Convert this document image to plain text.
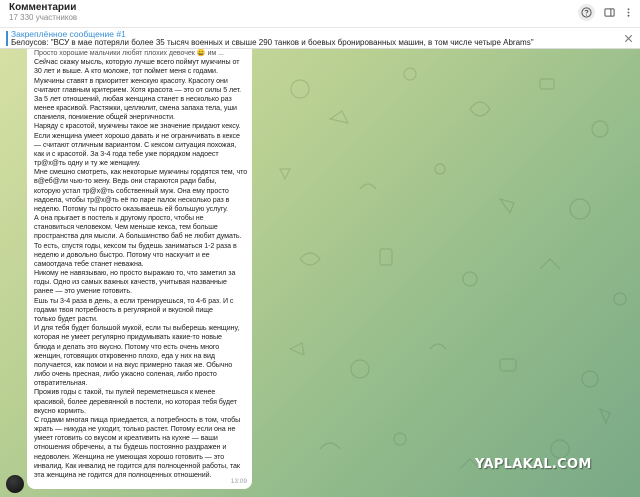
Комментарии
17 330 участников
Закреплённое сообщение #1
Белоусов: "ВСУ в мае потеряли более 35 тысяч военных и свыше 290 танков и боевых бронированных машин, в том числе четыре Abrams"
Просто хорошие мальчики любят плохих девочек 😄 им ...
Сейчас скажу мысль, которую лучше всего поймут мужчины от
30 лет и выше. А кто моложе, тот поймет меня с годами.
Мужчины ставят в приоритет женскую красоту. Красоту они
считают главным критерием. Хотя красота — это от силы 5 лет.
За 5 лет отношений, любая женщина станет в несколько раз
менее красивой. Растяжки, целлюлит, смена запаха тела, уши
спаниеля, понижение общей энергичности.
Наряду с красотой, мужчины такое же значение придают кексу.
Если женщина умеет хорошо давать и не ограничивать в кексе
— считают отличным вариантом. С кексом ситуация похожая,
как и с красотой. За 3-4 года тебе уже порядком надоест
тр@х@ть одну и ту же женщину.
Мне смешно смотреть, как некоторые мужчины гордятся тем, что
в@еб@ли чью-то жену. Ведь они стараются ради бабы,
которую устал тр@х@ть собственный муж. Она ему просто
надоела, чтобы тр@х@ть её по паре палок несколько раз в
неделю. Потому ты просто оказываешь ей большую услугу.
А она прыгает в постель к другому просто, чтобы не
становиться человеком. Чем меньше кекса, тем больше
пространства для мысли. А большинство баб не любит думать.
То есть, спустя годы, кексом ты будешь заниматься 1-2 раза в
неделю и довольно быстро. Потому что наскучит и ее
самоотдача тебе станет неважна.
Никому не навязываю, но просто выражаю то, что заметил за
годы. Одно из самых важных качеств, учитывая названные
ранее — это умение готовить.
Ешь ты 3-4 раза в день, а если тренируешься, то 4-6 раз. И с
годами твоя потребность в регулярной и вкусной пище
только будет расти.
И для тебя будет большой мукой, если ты выберешь женщину,
которая не умеет регулярно придумывать какие-то новые
блюда и делать это вкусно. Потому что есть очень много
женщин, готовящих откровенно плохо, еда у них на вид
получается, как помои и на вкус примерно такая же. Обычно
либо очень пресная, либо ужасно соленая, либо просто
отвратительная.
Прожив годы с такой, ты пулей переметнешься к менее
красивой, более деревянной в постели, но которая тебя будет
вкусно кормить.
С годами многая пища приедается, а потребность в том, чтобы
жрать — никуда не уходит, только растет. Потому если она не
умеет готовить со вкусом и креативить на кухне — ваши
отношения обречены, а ты будешь постоянно раздражен и
недоволен. Женщина не умеющая хорошо готовить — это
инвалид. Как инвалид не годится для полноценной работы, так
эта женщина не годится для полноценных отношений.
13:09
YAPLAKAL.COM
